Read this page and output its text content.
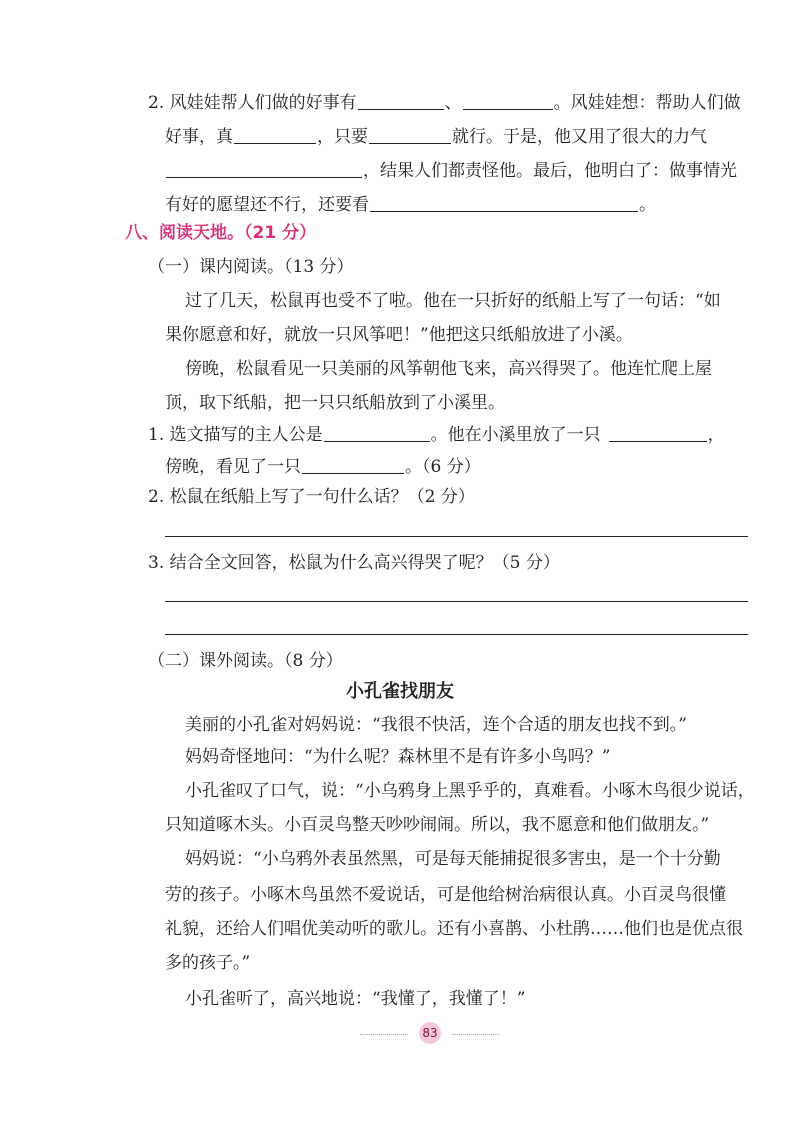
2. 风娃娃帮人们做的好事有	、	。风娃娃想：帮助人们做
好事，真	，只要	就行。于是，他又用了很大的力气
，结果人们都责怪他。最后，他明白了：做事情光
有好的愿望还不行，还要看	。
八、阅读天地。（21 分）
（一）课内阅读。（13 分）
过了几天，松鼠再也受不了啦。他在一只折好的纸船上写了一句话：“如
果你愿意和好，就放一只风筝吧！”他把这只纸船放进了小溪。
傍晚，松鼠看见一只美丽的风筝朝他飞来，高兴得哭了。他连忙爬上屋
顶，取下纸船，把一只只纸船放到了小溪里。
1. 选文描写的主人公是	。他在小溪里放了一只	，
傍晚，看见了一只	。（6 分）
2. 松鼠在纸船上写了一句什么话？（2 分）
3. 结合全文回答，松鼠为什么高兴得哭了呢？（5 分）
（二）课外阅读。（8 分）
小孔雀找朋友
美丽的小孔雀对妈妈说：“我很不快活，连个合适的朋友也找不到。”
妈妈奇怪地问：“为什么呢？森林里不是有许多小鸟吗？”
小孔雀叹了口气，说：“小乌鸦身上黑乎乎的，真难看。小啄木鸟很少说话，
只知道啄木头。小百灵鸟整天吵吵闹闹。所以，我不愿意和他们做朋友。”
妈妈说：“小乌鸦外表虽然黑，可是每天能捕捉很多害虫，是一个十分勤
劳的孩子。小啄木鸟虽然不爱说话，可是他给树治病很认真。小百灵鸟很懂
礼貌，还给人们唱优美动听的歌儿。还有小喜鹊、小杜鹃……他们也是优点很
多的孩子。”
小孔雀听了，高兴地说：“我懂了，我懂了！”
83
